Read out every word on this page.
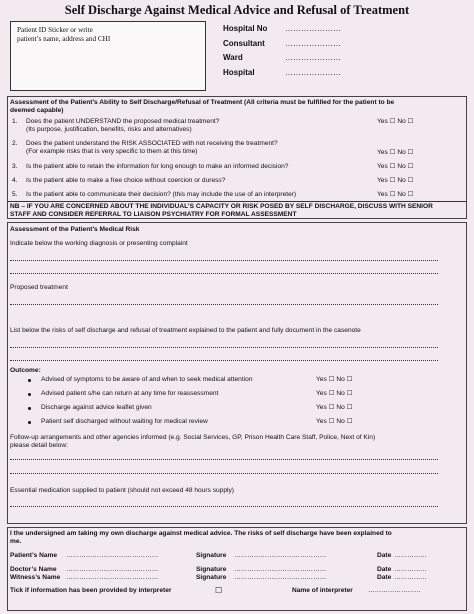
Self Discharge Against Medical Advice and Refusal of Treatment
Patient ID Sticker or write
patient’s name, address and CHI
Hospital No …………………
Consultant	…………………
Ward	…………………
Hospital	…………………
Assessment of the Patient’s Ability to Self Discharge/Refusal of Treatment (All criteria must be fulfilled for the patient to be
deemed capable)
1. Does the patient UNDERSTAND the proposed medical treatment?
(Its purpose, justification, benefits, risks and alternatives)
Yes ☐ No ☐
2. Does the patient understand the RISK ASSOCIATED with not receiving the treatment?
(For example risks that is very specific to them at this time)	Yes ☐ No ☐
3. Is the patient able to retain the information for long enough to make an informed decision?	Yes ☐ No ☐
4. Is the patient able to make a free choice without coercion or duress?	Yes ☐ No ☐
5. Is the patient able to communicate their decision? (this may include the use of an interpreter)	Yes ☐ No ☐
NB – IF YOU ARE CONCERNED ABOUT THE INDIVIDUAL’S CAPACITY OR RISK POSED BY SELF DISCHARGE, DISCUSS WITH SENIOR
STAFF AND CONSIDER REFERRAL TO LIAISON PSYCHIATRY FOR FORMAL ASSESSMENT
Assessment of the Patient’s Medical Risk
Indicate below the working diagnosis or presenting complaint
Proposed treatment
List below the risks of self discharge and refusal of treatment explained to the patient and fully document in the casenote
Outcome:
Advised of symptoms to be aware of and when to seek medical attention	Yes ☐ No ☐
Advised patient s/he can return at any time for reassessment	Yes ☐ No ☐
Discharge against advice leaflet given	Yes ☐ No ☐
Patient self discharged without waiting for medical review	Yes ☐ No ☐
Follow-up arrangements and other agencies informed (e.g. Social Services, GP, Prison Health Care Staff, Police, Next of Kin)
please detail below:
Essential medication supplied to patient (should not exceed 48 hours supply)
I the undersigned am taking my own discharge against medical advice. The risks of self discharge have been explained to
me.
Patient’s Name ……………………………………	Signature ……………………………………	Date ……………
Doctor’s Name ……………………………………	Signature ……………………………………	Date ……………
Witness’s Name ……………………………………	Signature ……………………………………	Date ……………
Tick if information has been provided by interpreter	☐	Name of interpreter ……………………
